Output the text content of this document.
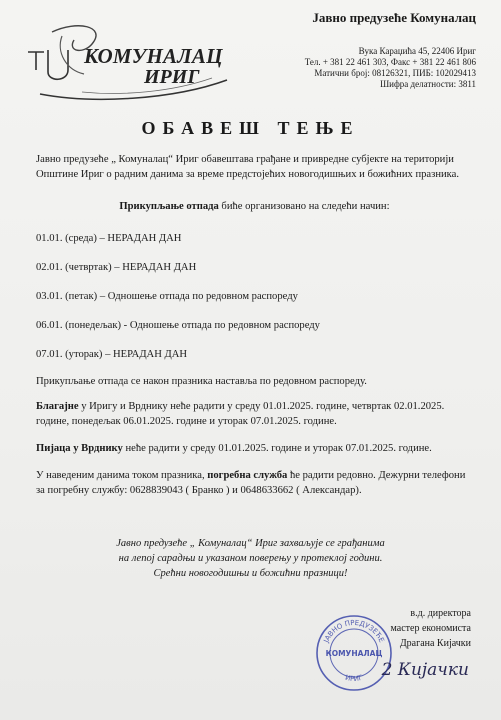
КОМУНАЛАЦ
ИРИГ
Јавно предузеће Комуналац
Вука Караџића 45, 22406 Ириг
Тел. + 381 22 461 303, Факс + 381 22 461 806
Матични број: 08126321, ПИБ: 102029413
Шифра делатности: 3811
ОБАВЕШ ТЕЊЕ

Јавно предузеће „ Комуналац“ Ириг обавештава грађане и привредне субјекте на територији Општине Ириг о радним данима за време предстојећих новогодишњих и божићних празника.

Прикупљање отпада биће организовано на следећи начин:

01.01. (среда) – НЕРАДАН ДАН

02.01. (четвртак) – НЕРАДАН ДАН

03.01. (петак) – Одношење отпада по редовном распореду

06.01. (понедељак) - Одношење отпада по редовном распореду

07.01. (уторак) – НЕРАДАН ДАН

Прикупљање отпада се након празника наставља по редовном распореду.

Благајне у Иригу и Врднику неће радити у среду 01.01.2025. године, четвртак 02.01.2025. године, понедељак 06.01.2025. године и уторак 07.01.2025. године.

Пијаца у Врднику неће радити у среду 01.01.2025. године и уторак 07.01.2025. године.

У наведеним данима током празника, погребна служба ће радити редовно. Дежурни телефони за погребну службу: 0628839043 ( Бранко ) и 0648633662 ( Александар).

Јавно предузеће „ Комуналац“ Ириг захваљује се грађанима
на лепој сарадњи и указаном поверењу у протеклој години.
Срећни новогодишњи и божићни празници!
ЈАВНО ПРЕДУЗЕЋЕ
КОМУНАЛАЦ
ИРИГ
в.д. директора
мастер економиста
Драгана Кијачки
2 Кијачки
